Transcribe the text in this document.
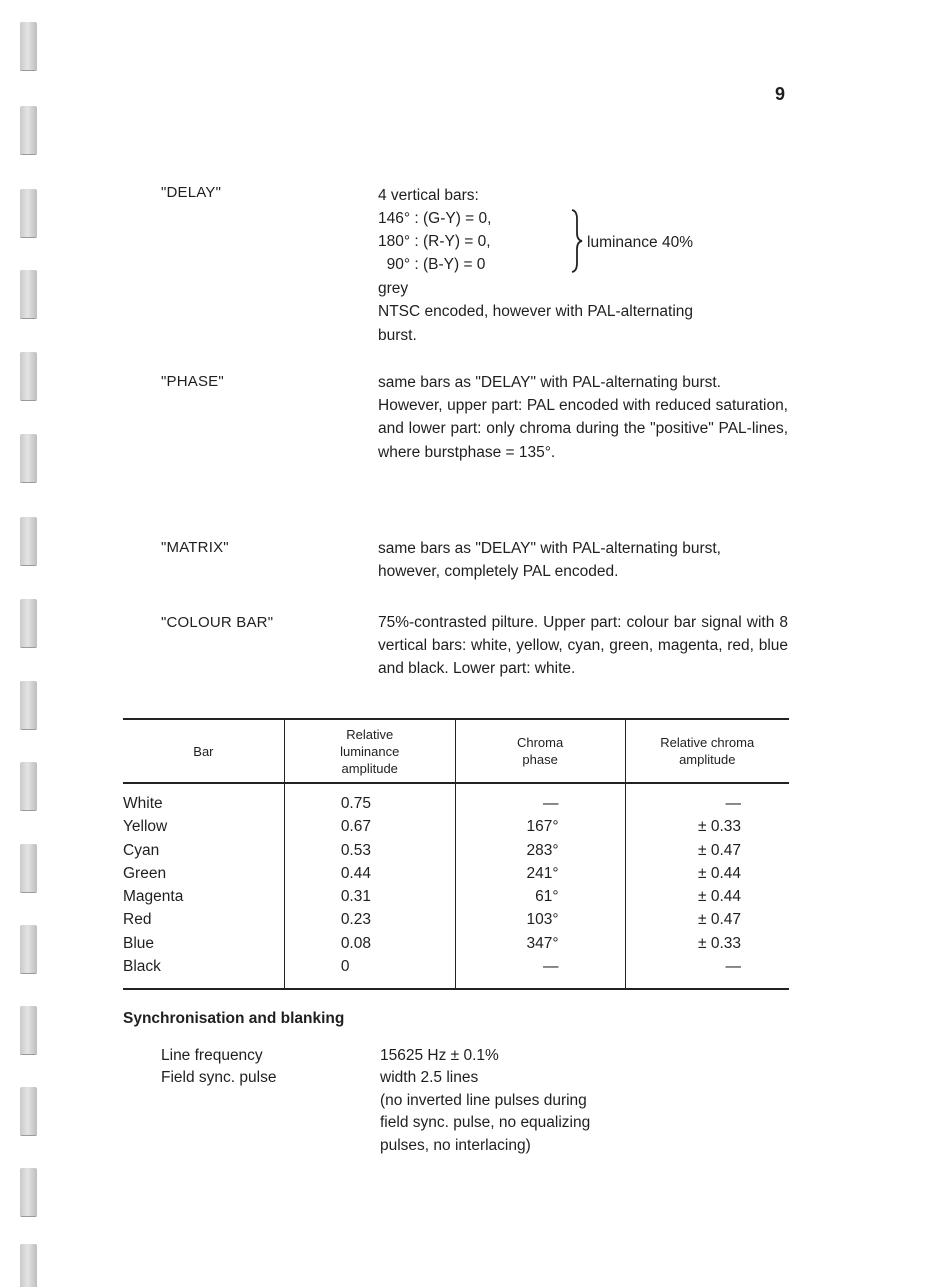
9
"DELAY"	4 vertical bars:

146° : (G-Y) = 0,
180° : (R-Y) = 0,
90° : (B-Y) = 0
luminance 40%

grey

NTSC encoded, however with PAL-alternating

burst.

"PHASE"	same bars as "DELAY" with PAL-alternating burst.

However, upper part: PAL encoded with reduced saturation, and lower part: only chroma during the "positive" PAL-lines, where burstphase = 135°.

"MATRIX"	same bars as "DELAY" with PAL-alternating burst, however, completely PAL encoded.

"COLOUR BAR"	75%-contrasted pilture. Upper part: colour bar signal with 8 vertical bars: white, yellow, cyan, green, magenta, red, blue and black. Lower part: white.

Bar	Relative luminance amplitude	Chroma phase	Relative chroma amplitude
White	0.75	—	—
Yellow	0.67	167°	± 0.33
Cyan	0.53	283°	± 0.47
Green	0.44	241°	± 0.44
Magenta	0.31	61°	± 0.44
Red	0.23	103°	± 0.47
Blue	0.08	347°	± 0.33
Black	0	—	—
Synchronisation and blanking
Line frequency	15625 Hz ± 0.1%
Field sync. pulse	width 2.5 lines

(no inverted line pulses during

field sync. pulse, no equalizing

pulses, no interlacing)
